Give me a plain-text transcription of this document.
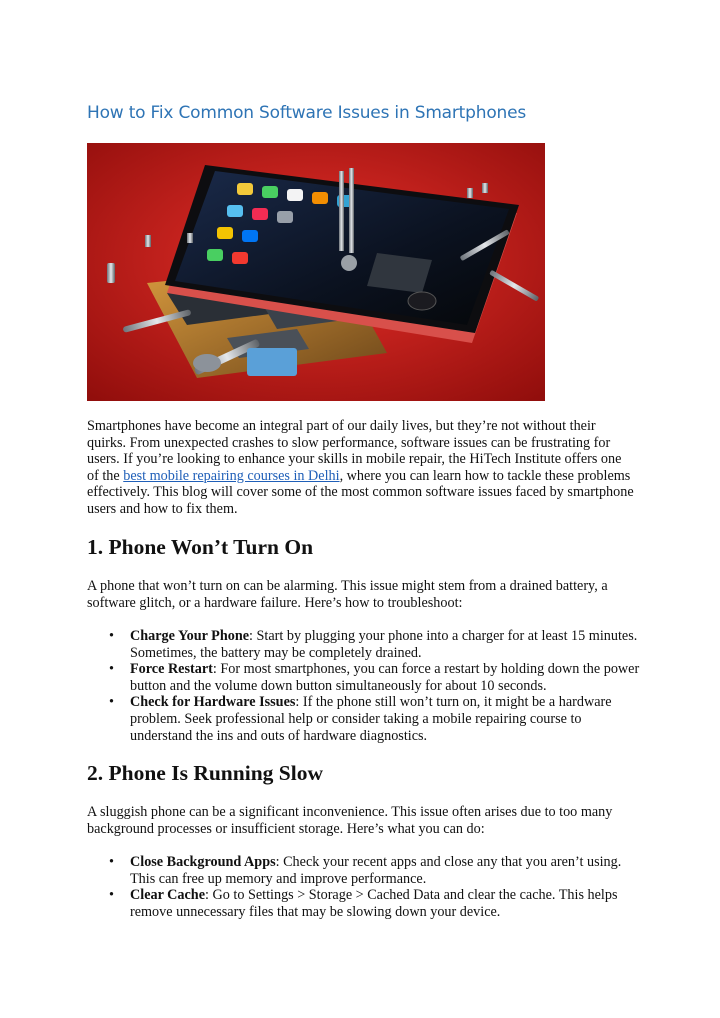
How to Fix Common Software Issues in Smartphones

Smartphones have become an integral part of our daily lives, but they’re not without their quirks. From unexpected crashes to slow performance, software issues can be frustrating for users. If you’re looking to enhance your skills in mobile repair, the HiTech Institute offers one of the best mobile repairing courses in Delhi, where you can learn how to tackle these problems effectively. This blog will cover some of the most common software issues faced by smartphone users and how to fix them.

1. Phone Won’t Turn On

A phone that won’t turn on can be alarming. This issue might stem from a drained battery, a software glitch, or a hardware failure. Here’s how to troubleshoot:

• Charge Your Phone: Start by plugging your phone into a charger for at least 15 minutes. Sometimes, the battery may be completely drained.
• Force Restart: For most smartphones, you can force a restart by holding down the power button and the volume down button simultaneously for about 10 seconds.
• Check for Hardware Issues: If the phone still won’t turn on, it might be a hardware problem. Seek professional help or consider taking a mobile repairing course to understand the ins and outs of hardware diagnostics.
2. Phone Is Running Slow

A sluggish phone can be a significant inconvenience. This issue often arises due to too many background processes or insufficient storage. Here’s what you can do:

• Close Background Apps: Check your recent apps and close any that you aren’t using. This can free up memory and improve performance.
• Clear Cache: Go to Settings > Storage > Cached Data and clear the cache. This helps remove unnecessary files that may be slowing down your device.
